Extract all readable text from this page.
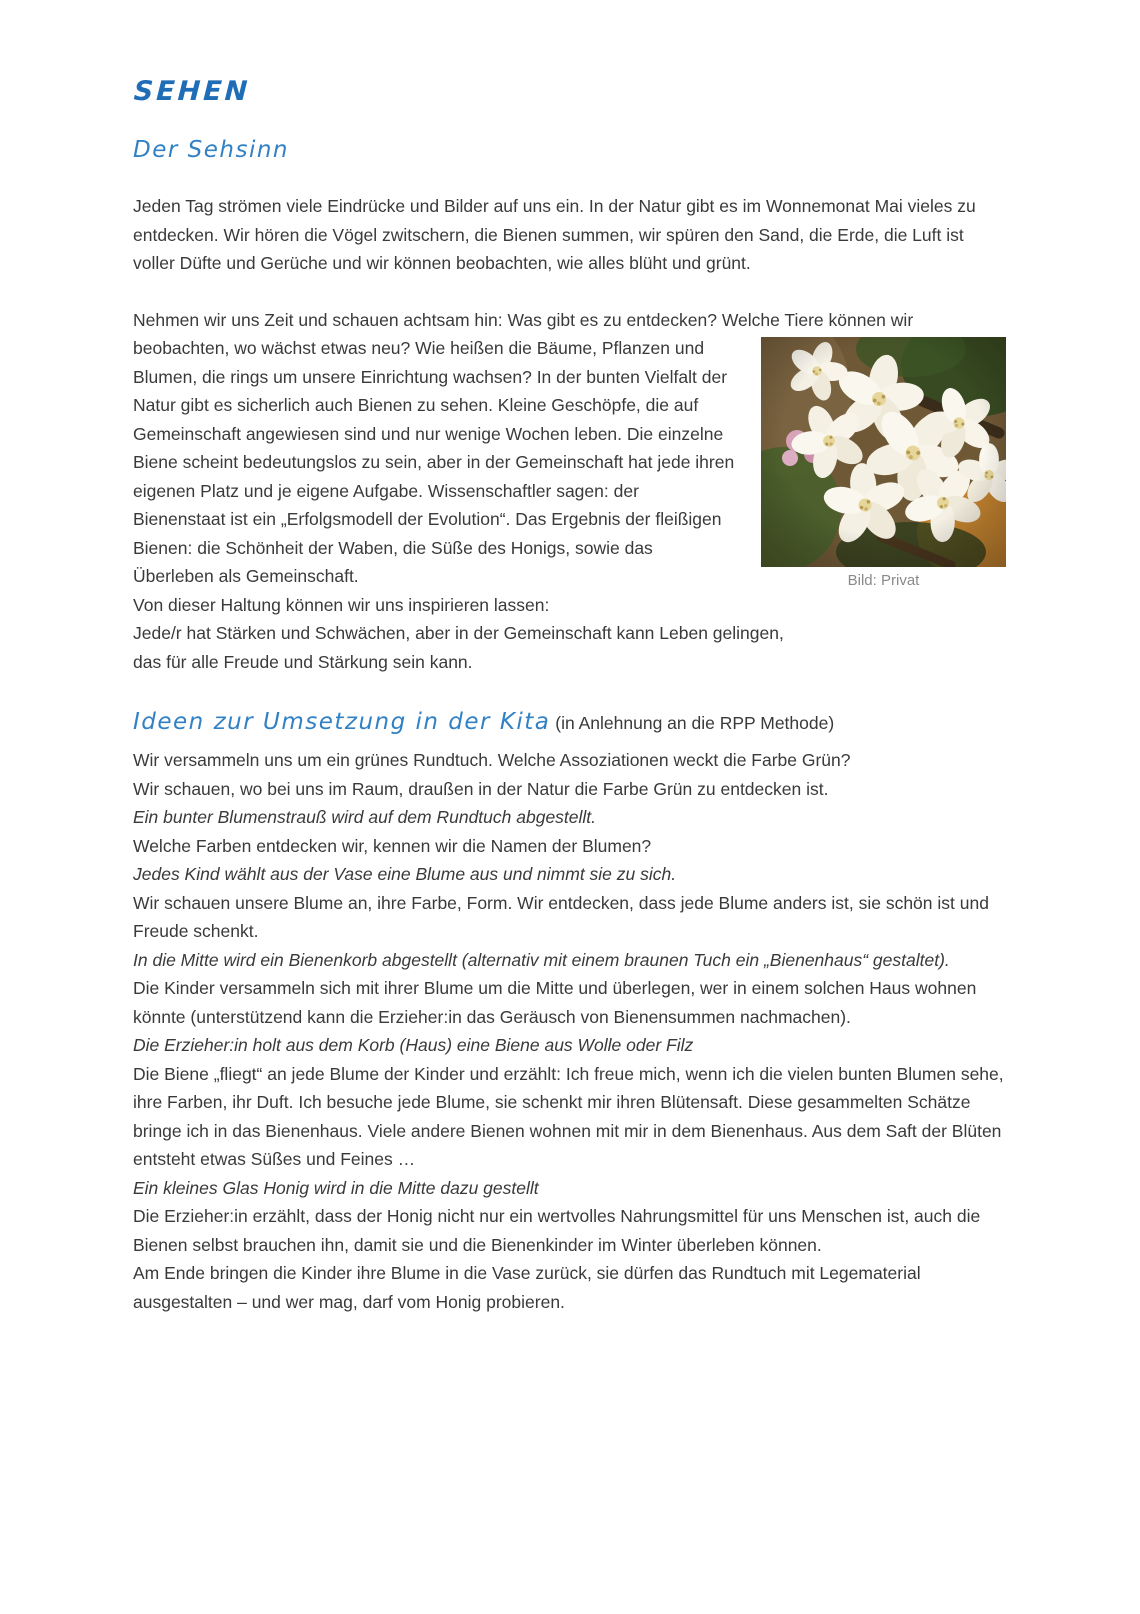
SEHEN
Der Sehsinn

Jeden Tag strömen viele Eindrücke und Bilder auf uns ein. In der Natur gibt es im Wonnemonat Mai vieles zu entdecken. Wir hören die Vögel zwitschern, die Bienen summen, wir spüren den Sand, die Erde, die Luft ist voller Düfte und Gerüche und wir können beobachten, wie alles blüht und grünt.

Nehmen wir uns Zeit und schauen achtsam hin: Was gibt es zu entdecken? Welche Tiere können
Bild: Privat
wir beobachten, wo wächst etwas neu? Wie heißen die Bäume, Pflanzen und Blumen, die rings um unsere Einrichtung wachsen? In der bunten Vielfalt der Natur gibt es sicherlich auch Bienen zu sehen. Kleine Geschöpfe, die auf Gemeinschaft angewiesen sind und nur wenige Wochen leben. Die einzelne Biene scheint bedeutungslos zu sein, aber in der Gemeinschaft hat jede ihren eigenen Platz und je eigene Aufgabe. Wissenschaftler sagen: der Bienenstaat ist ein „Erfolgsmodell der Evolution“. Das Ergebnis der fleißigen Bienen: die Schönheit der Waben, die Süße des Honigs, sowie das Überleben als Gemeinschaft.
Von dieser Haltung können wir uns inspirieren lassen:
Jede/r hat Stärken und Schwächen, aber in der Gemeinschaft kann Leben gelingen,
das für alle Freude und Stärkung sein kann.
Ideen zur Umsetzung in der Kita (in Anlehnung an die RPP Methode)
Wir versammeln uns um ein grünes Rundtuch. Welche Assoziationen weckt die Farbe Grün?
Wir schauen, wo bei uns im Raum, draußen in der Natur die Farbe Grün zu entdecken ist.
Ein bunter Blumenstrauß wird auf dem Rundtuch abgestellt.
Welche Farben entdecken wir, kennen wir die Namen der Blumen?
Jedes Kind wählt aus der Vase eine Blume aus und nimmt sie zu sich.
Wir schauen unsere Blume an, ihre Farbe, Form. Wir entdecken, dass jede Blume anders ist, sie schön ist und Freude schenkt.
In die Mitte wird ein Bienenkorb abgestellt (alternativ mit einem braunen Tuch ein „Bienenhaus“ gestaltet).
Die Kinder versammeln sich mit ihrer Blume um die Mitte und überlegen, wer in einem solchen Haus wohnen könnte (unterstützend kann die Erzieher:in das Geräusch von Bienensummen nachmachen).
Die Erzieher:in holt aus dem Korb (Haus) eine Biene aus Wolle oder Filz
Die Biene „fliegt“ an jede Blume der Kinder und erzählt: Ich freue mich, wenn ich die vielen bunten Blumen sehe, ihre Farben, ihr Duft. Ich besuche jede Blume, sie schenkt mir ihren Blütensaft. Diese gesammelten Schätze bringe ich in das Bienenhaus. Viele andere Bienen wohnen mit mir in dem Bienenhaus. Aus dem Saft der Blüten entsteht etwas Süßes und Feines …
Ein kleines Glas Honig wird in die Mitte dazu gestellt
Die Erzieher:in erzählt, dass der Honig nicht nur ein wertvolles Nahrungsmittel für uns Menschen ist, auch die Bienen selbst brauchen ihn, damit sie und die Bienenkinder im Winter überleben können.
Am Ende bringen die Kinder ihre Blume in die Vase zurück, sie dürfen das Rundtuch mit Legematerial ausgestalten – und wer mag, darf vom Honig probieren.
